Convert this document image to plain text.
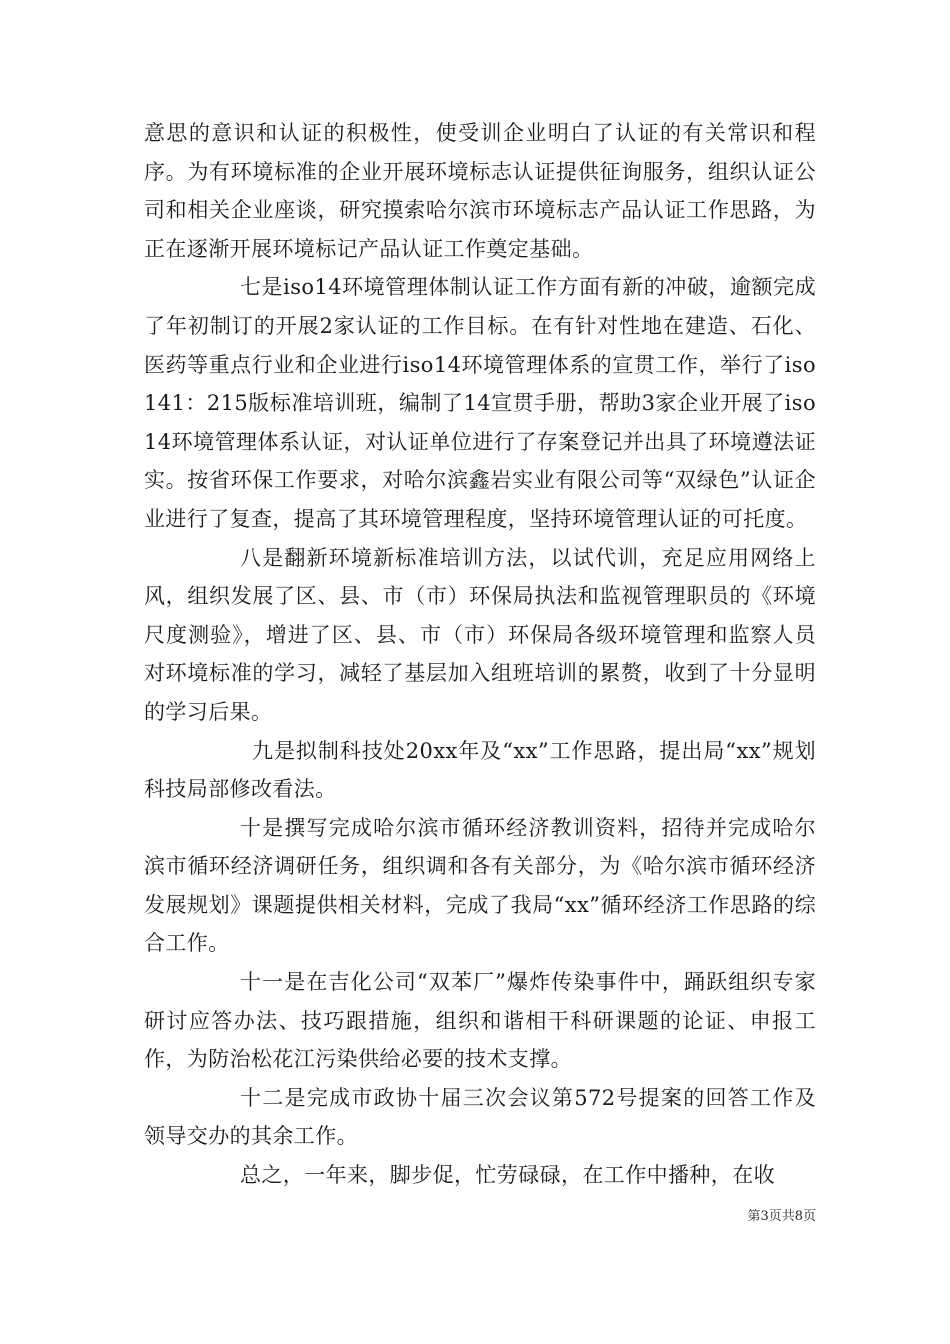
意思的意识和认证的积极性，使受训企业明白了认证的有关常识和程序。为有环境标准的企业开展环境标志认证提供征询服务，组织认证公司和相关企业座谈，研究摸索哈尔滨市环境标志产品认证工作思路，为正在逐渐开展环境标记产品认证工作奠定基础。

七是iso14环境管理体制认证工作方面有新的冲破，逾额完成了年初制订的开展2家认证的工作目标。在有针对性地在建造、石化、医药等重点行业和企业进行iso14环境管理体系的宣贯工作，举行了iso141：215版标准培训班，编制了14宣贯手册，帮助3家企业开展了iso14环境管理体系认证，对认证单位进行了存案登记并出具了环境遵法证实。按省环保工作要求，对哈尔滨鑫岩实业有限公司等“双绿色”认证企业进行了复查，提高了其环境管理程度，坚持环境管理认证的可托度。

八是翻新环境新标准培训方法，以试代训，充足应用网络上风，组织发展了区、县、市（市）环保局执法和监视管理职员的《环境尺度测验》，增进了区、县、市（市）环保局各级环境管理和监察人员对环境标准的学习，减轻了基层加入组班培训的累赘，收到了十分显明的学习后果。

九是拟制科技处20xx年及“xx”工作思路，提出局“xx”规划科技局部修改看法。

十是撰写完成哈尔滨市循环经济教训资料，招待并完成哈尔滨市循环经济调研任务，组织调和各有关部分，为《哈尔滨市循环经济发展规划》课题提供相关材料，完成了我局“xx”循环经济工作思路的综合工作。

十一是在吉化公司“双苯厂”爆炸传染事件中，踊跃组织专家研讨应答办法、技巧跟措施，组织和谐相干科研课题的论证、申报工作，为防治松花江污染供给必要的技术支撑。

十二是完成市政协十届三次会议第572号提案的回答工作及领导交办的其余工作。

总之，一年来，脚步促，忙劳碌碌，在工作中播种，在收

第3页共8页
